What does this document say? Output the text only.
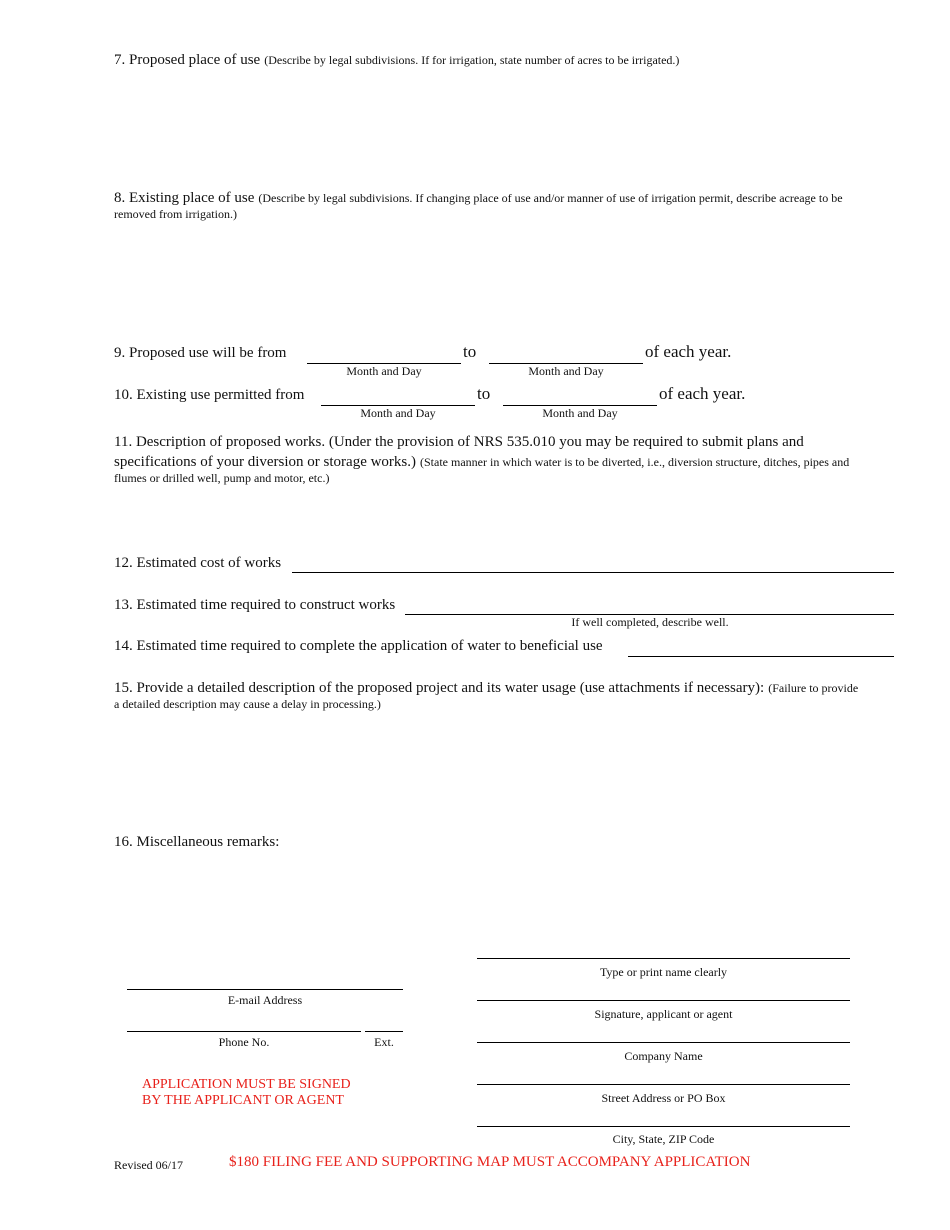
7. Proposed place of use (Describe by legal subdivisions. If for irrigation, state number of acres to be irrigated.)
8. Existing place of use (Describe by legal subdivisions. If changing place of use and/or manner of use of irrigation permit, describe acreage to be
removed from irrigation.)
9. Proposed use will be from	to	of each year.
Month and Day	Month and Day
10. Existing use permitted from	to	of each year.
Month and Day	Month and Day
11. Description of proposed works. (Under the provision of NRS 535.010 you may be required to submit plans and
specifications of your diversion or storage works.) (State manner in which water is to be diverted, i.e., diversion structure, ditches, pipes and
flumes or drilled well, pump and motor, etc.)
12. Estimated cost of works
13. Estimated time required to construct works
If well completed, describe well.
14. Estimated time required to complete the application of water to beneficial use
15. Provide a detailed description of the proposed project and its water usage (use attachments if necessary): (Failure to provide
a detailed description may cause a delay in processing.)
16. Miscellaneous remarks:
E-mail Address
Phone No.	Ext.
APPLICATION MUST BE SIGNED
BY THE APPLICANT OR AGENT
Type or print name clearly
Signature, applicant or agent
Company Name
Street Address or PO Box
City, State, ZIP Code
Revised 06/17	$180 FILING FEE AND SUPPORTING MAP MUST ACCOMPANY APPLICATION
